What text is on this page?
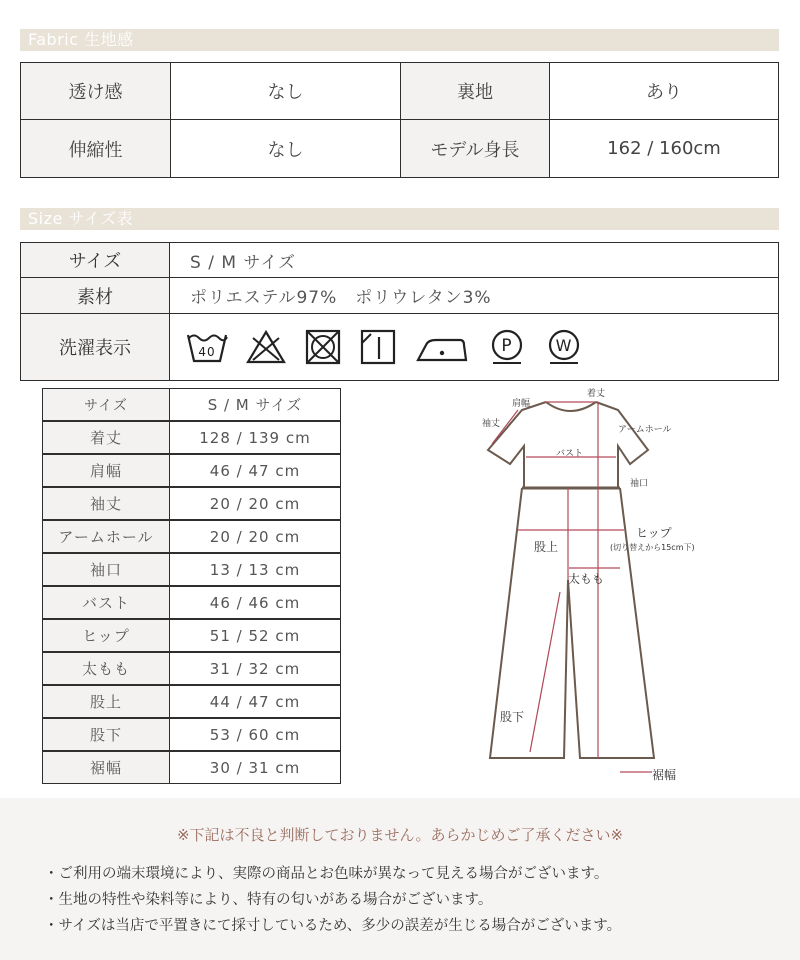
Fabric 生地感
透け感	なし	裏地	あり
伸縮性	なし	モデル身長	162 / 160cm
Size サイズ表
サイズ	S / M サイズ
素材	ポリエステル97%　ポリウレタン3%
洗濯表示	40	P	W
サイズ	S / M サイズ
着丈	128 / 139 cm
肩幅	46 / 47 cm
袖丈	20 / 20 cm
アームホール	20 / 20 cm
袖口	13 / 13 cm
バスト	46 / 46 cm
ヒップ	51 / 52 cm
太もも	31 / 32 cm
股上	44 / 47 cm
股下	53 / 60 cm
裾幅	30 / 31 cm
着丈
肩幅
袖丈
アームホール
バスト
袖口
ヒップ
(切り替えから15cm下)
股上
太もも
股下
裾幅
※下記は不良と判断しておりません。あらかじめご了承ください※
・ご利用の端末環境により、実際の商品とお色味が異なって見える場合がございます。
・生地の特性や染料等により、特有の匂いがある場合がございます。
・サイズは当店で平置きにて採寸しているため、多少の誤差が生じる場合がございます。
